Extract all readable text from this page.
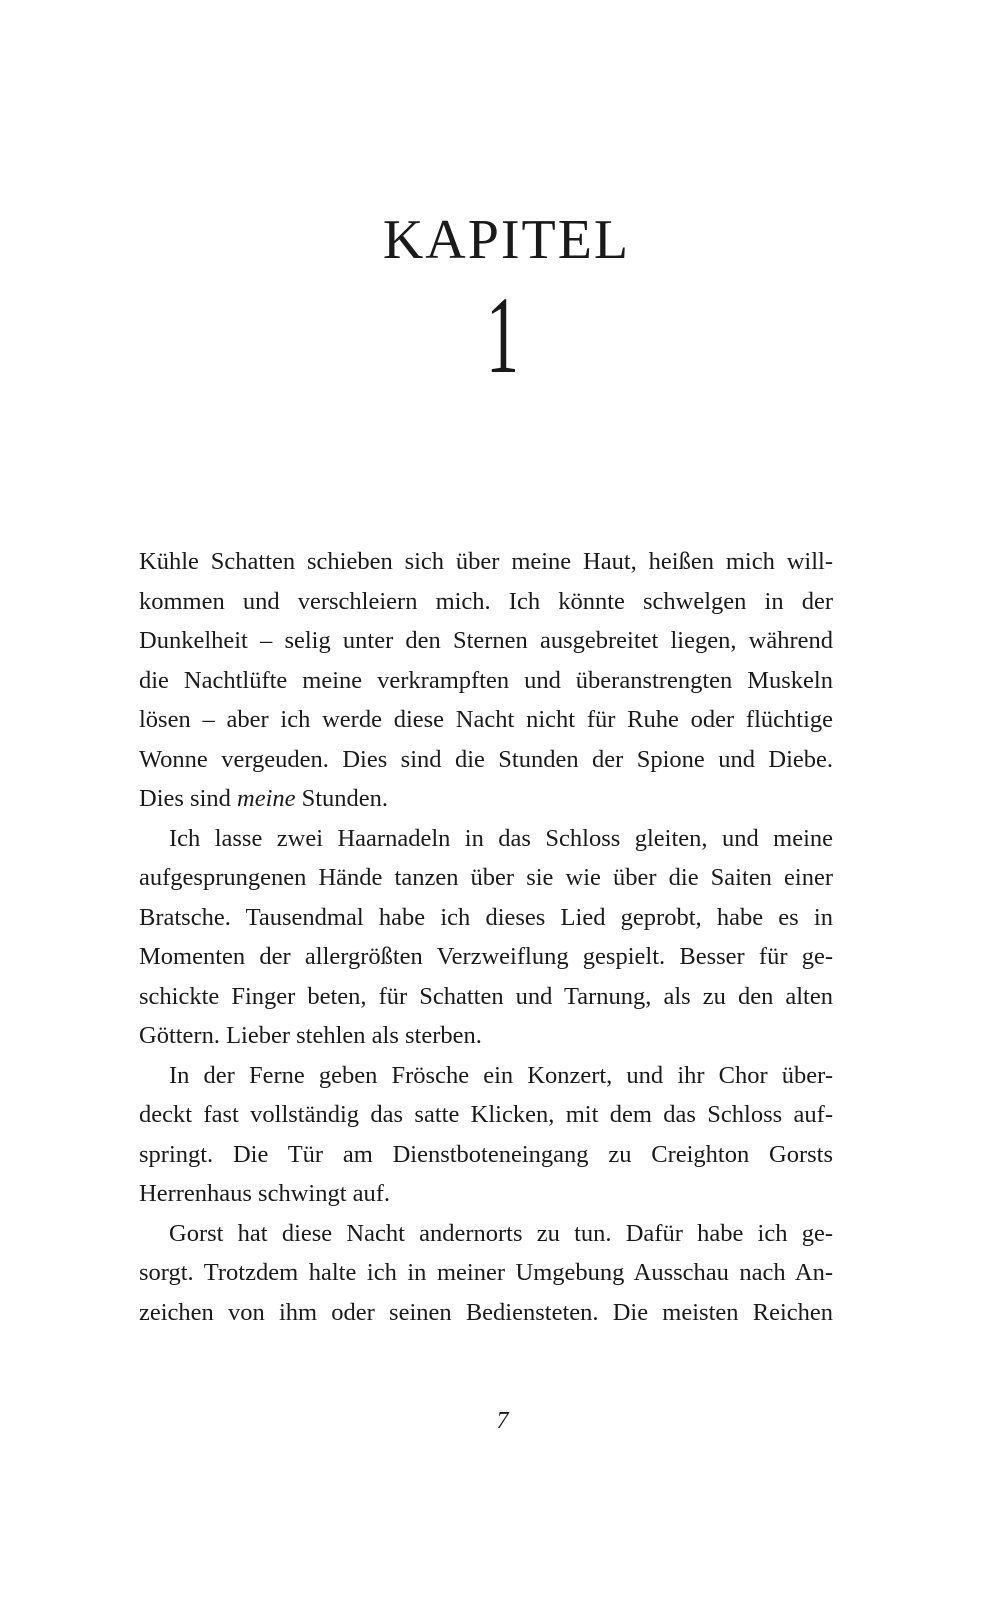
KAPITEL
1
Kühle Schatten schieben sich über meine Haut, heißen mich will-
kommen und verschleiern mich. Ich könnte schwelgen in der
Dunkelheit – selig unter den Sternen ausgebreitet liegen, während
die Nachtlüfte meine verkrampften und überanstrengten Muskeln
lösen – aber ich werde diese Nacht nicht für Ruhe oder flüchtige
Wonne vergeuden. Dies sind die Stunden der Spione und Diebe.
Dies sind meine Stunden.
Ich lasse zwei Haarnadeln in das Schloss gleiten, und meine
aufgesprungenen Hände tanzen über sie wie über die Saiten einer
Bratsche. Tausendmal habe ich dieses Lied geprobt, habe es in
Momenten der allergrößten Verzweiflung gespielt. Besser für ge-
schickte Finger beten, für Schatten und Tarnung, als zu den alten
Göttern. Lieber stehlen als sterben.
In der Ferne geben Frösche ein Konzert, und ihr Chor über-
deckt fast vollständig das satte Klicken, mit dem das Schloss auf-
springt. Die Tür am Dienstboteneingang zu Creighton Gorsts
Herrenhaus schwingt auf.
Gorst hat diese Nacht andernorts zu tun. Dafür habe ich ge-
sorgt. Trotzdem halte ich in meiner Umgebung Ausschau nach An-
zeichen von ihm oder seinen Bediensteten. Die meisten Reichen
7
